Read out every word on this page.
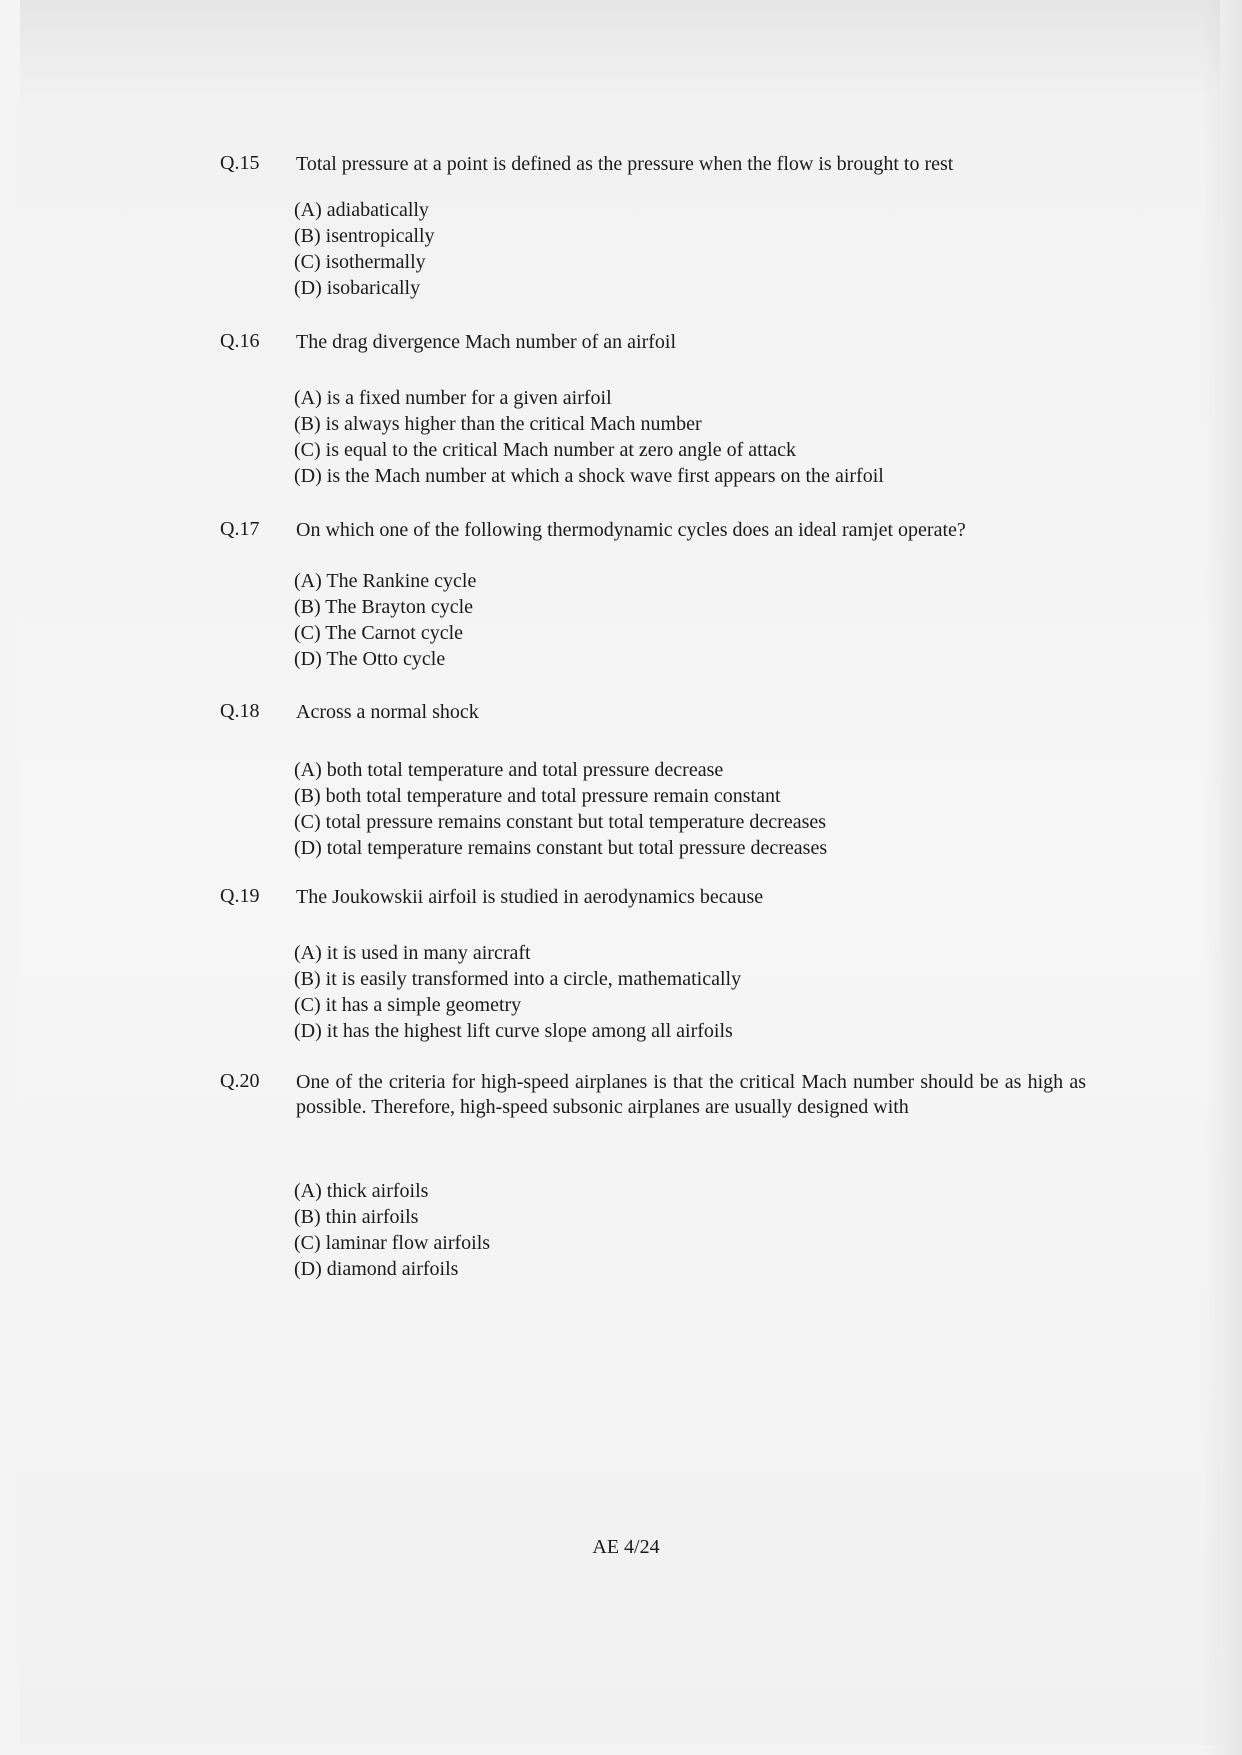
Q.15 Total pressure at a point is defined as the pressure when the flow is brought to rest
(A) adiabatically
(B) isentropically
(C) isothermally
(D) isobarically
Q.16 The drag divergence Mach number of an airfoil
(A) is a fixed number for a given airfoil
(B) is always higher than the critical Mach number
(C) is equal to the critical Mach number at zero angle of attack
(D) is the Mach number at which a shock wave first appears on the airfoil
Q.17 On which one of the following thermodynamic cycles does an ideal ramjet operate?
(A) The Rankine cycle
(B) The Brayton cycle
(C) The Carnot cycle
(D) The Otto cycle
Q.18 Across a normal shock
(A) both total temperature and total pressure decrease
(B) both total temperature and total pressure remain constant
(C) total pressure remains constant but total temperature decreases
(D) total temperature remains constant but total pressure decreases
Q.19 The Joukowskii airfoil is studied in aerodynamics because
(A) it is used in many aircraft
(B) it is easily transformed into a circle, mathematically
(C) it has a simple geometry
(D) it has the highest lift curve slope among all airfoils
Q.20 One of the criteria for high-speed airplanes is that the critical Mach number should be as high as possible. Therefore, high-speed subsonic airplanes are usually designed with
(A) thick airfoils
(B) thin airfoils
(C) laminar flow airfoils
(D) diamond airfoils
AE 4/24
